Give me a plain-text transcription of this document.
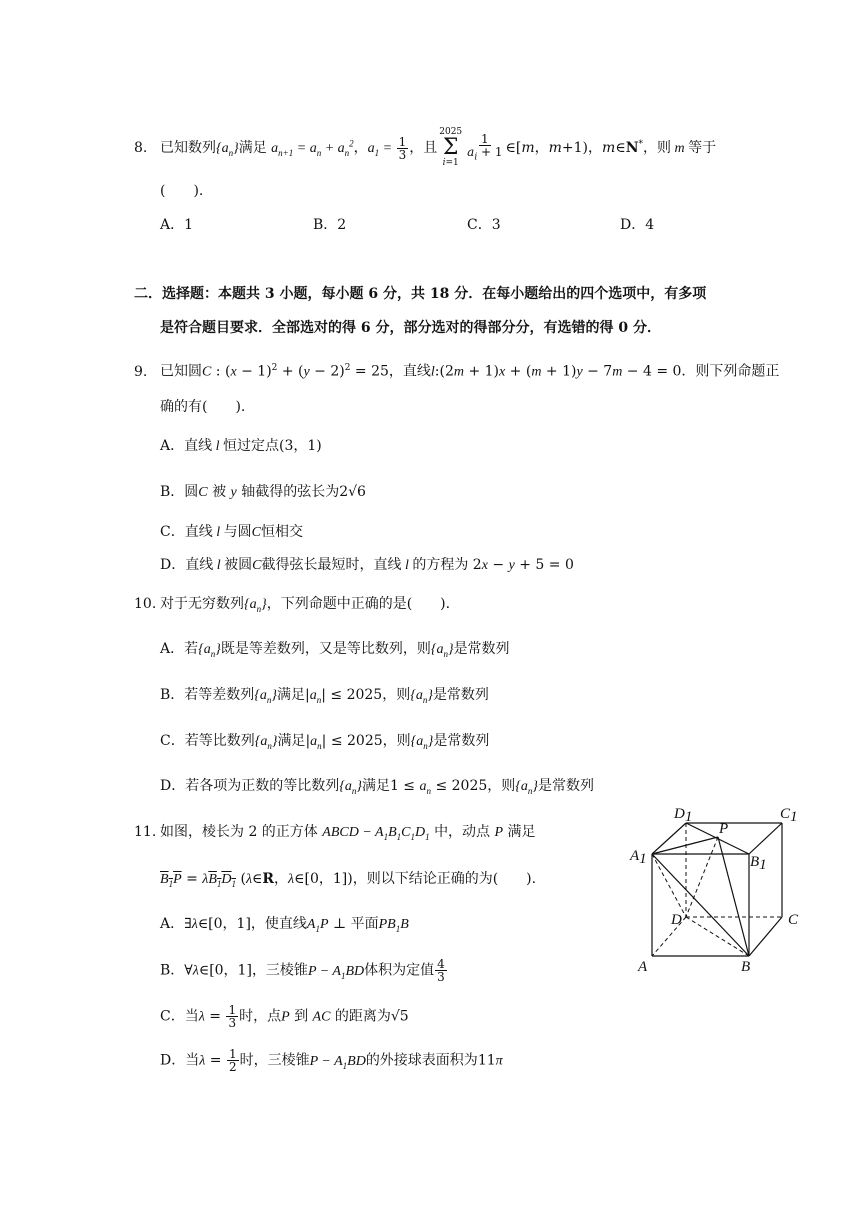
8. 已知数列$\{a_n\}$满足 $a_{n+1} = a_n + a_n^2$，$a_1 = \frac{1}{3}$ ，且
2025
Σ
i=1
$\frac{1}{a_i + 1}$ ∈[m，m+1)，m∈N*，则 m 等于
(　　).
A．1	B．2	C．3	D．4
二．选择题：本题共 3 小题，每小题 6 分，共 18 分．在每小题给出的四个选项中，有多项
是符合题目要求．全部选对的得 6 分，部分选对的得部分分，有选错的得 0 分．
9. 已知圆C : $(x - 1)^2 + (y - 2)^2 = 25$，直线l:(2m + 1)x + (m + 1)y − 7m − 4 = 0．则下列命题正
确的有(　　).
A．直线 l 恒过定点(3，1)
B．圆C 被 y 轴截得的弦长为2√6
C．直线 l 与圆C恒相交
D．直线 l 被圆C截得弦长最短时，直线 l 的方程为 2x − y + 5 = 0
10. 对于无穷数列$\{a_n\}$，下列命题中正确的是(　　).
A．若$\{a_n\}$既是等差数列，又是等比数列，则$\{a_n\}$是常数列
B．若等差数列$\{a_n\}$满足$|a_n| \le 2025$，则$\{a_n\}$是常数列
C．若等比数列$\{a_n\}$满足$|a_n| \le 2025$，则$\{a_n\}$是常数列
D．若各项为正数的等比数列$\{a_n\}$满足$1 \le a_n \le 2025$，则$\{a_n\}$是常数列
11. 如图，棱长为 2 的正方体 ABCD − $A_1B_1C_1D_1$ 中，动点 P 满足
$B_1P = \lambda B_1D_1$ (λ∈R，λ∈[0，1])，则以下结论正确的为(　　).
A．∃λ∈[0，1]，使直线$A_1P$ ⊥ 平面$PB_1B$
B．∀λ∈[0，1]，三棱锥$P - A_1BD$体积为定值 $\frac{4}{3}$
C．当$\lambda = \frac{1}{3}$ 时，点P 到 AC 的距离为√5
D．当$\lambda = \frac{1}{2}$ 时，三棱锥$P - A_1BD$的外接球表面积为11π
D1	C1
P
A1	B1
D	C
A	B
